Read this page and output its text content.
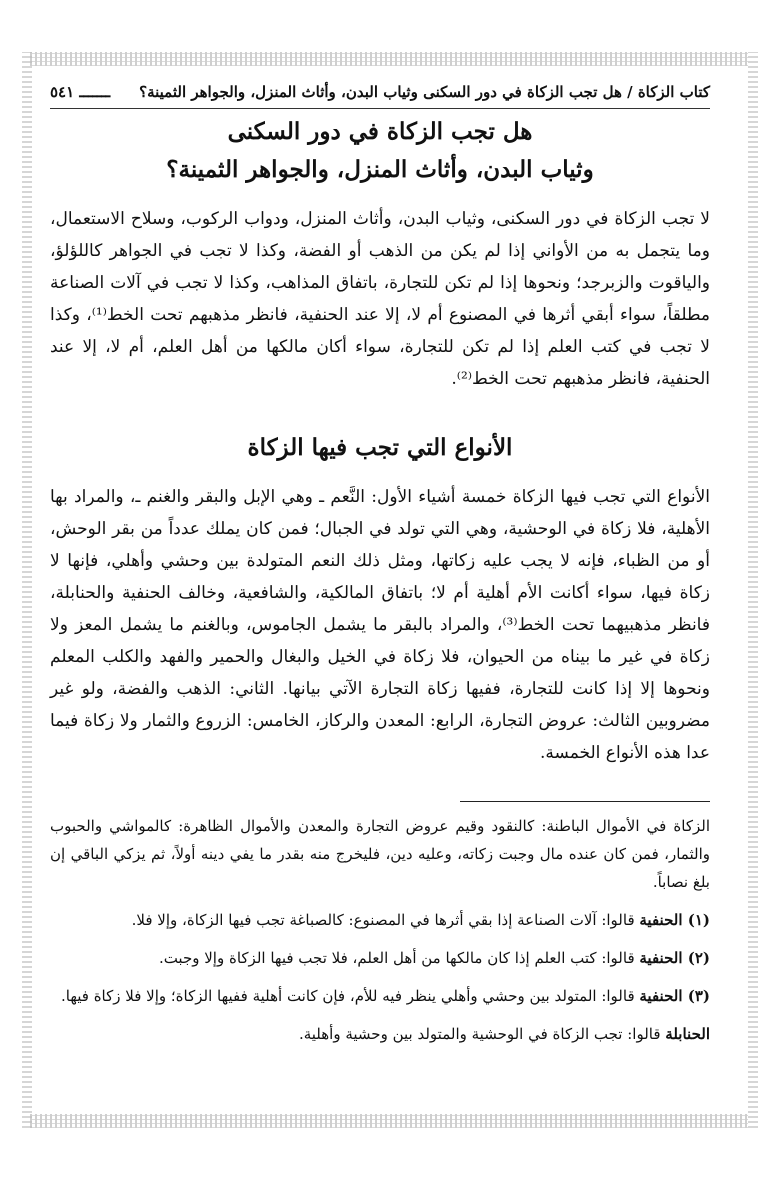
كتاب الزكاة / هل تجب الزكاة في دور السكنى وثياب البدن، وأثاث المنزل، والجواهر الثمينة؟
ـــــــ ٥٤١
هل تجب الزكاة في دور السكنى
وثياب البدن، وأثاث المنزل، والجواهر الثمينة؟

لا تجب الزكاة في دور السكنى، وثياب البدن، وأثاث المنزل، ودواب الركوب، وسلاح الاستعمال، وما يتجمل به من الأواني إذا لم يكن من الذهب أو الفضة، وكذا لا تجب في الجواهر كاللؤلؤ، والياقوت والزبرجد؛ ونحوها إذا لم تكن للتجارة، باتفاق المذاهب، وكذا لا تجب في آلات الصناعة مطلقاً، سواء أبقي أثرها في المصنوع أم لا، إلا عند الحنفية، فانظر مذهبهم تحت الخط⁽¹⁾، وكذا لا تجب في كتب العلم إذا لم تكن للتجارة، سواء أكان مالكها من أهل العلم، أم لا، إلا عند الحنفية، فانظر مذهبهم تحت الخط⁽²⁾.

الأنواع التي تجب فيها الزكاة

الأنواع التي تجب فيها الزكاة خمسة أشياء الأول: النَّعم ـ وهي الإبل والبقر والغنم ـ، والمراد بها الأهلية، فلا زكاة في الوحشية، وهي التي تولد في الجبال؛ فمن كان يملك عدداً من بقر الوحش، أو من الظباء، فإنه لا يجب عليه زكاتها، ومثل ذلك النعم المتولدة بين وحشي وأهلي، فإنها لا زكاة فيها، سواء أكانت الأم أهلية أم لا؛ باتفاق المالكية، والشافعية، وخالف الحنفية والحنابلة، فانظر مذهبيهما تحت الخط⁽³⁾، والمراد بالبقر ما يشمل الجاموس، وبالغنم ما يشمل المعز ولا زكاة في غير ما بيناه من الحيوان، فلا زكاة في الخيل والبغال والحمير والفهد والكلب المعلم ونحوها إلا إذا كانت للتجارة، ففيها زكاة التجارة الآتي بيانها. الثاني: الذهب والفضة، ولو غير مضروبين الثالث: عروض التجارة، الرابع: المعدن والركاز، الخامس: الزروع والثمار ولا زكاة فيما عدا هذه الأنواع الخمسة.

الزكاة في الأموال الباطنة: كالنقود وقيم عروض التجارة والمعدن والأموال الظاهرة: كالمواشي والحبوب والثمار، فمن كان عنده مال وجبت زكاته، وعليه دين، فليخرج منه بقدر ما يفي دينه أولاً، ثم يزكي الباقي إن بلغ نصاباً.

(١) الحنفية قالوا: آلات الصناعة إذا بقي أثرها في المصنوع: كالصباغة تجب فيها الزكاة، وإلا فلا.

(٢) الحنفية قالوا: كتب العلم إذا كان مالكها من أهل العلم، فلا تجب فيها الزكاة وإلا وجبت.

(٣) الحنفية قالوا: المتولد بين وحشي وأهلي ينظر فيه للأم، فإن كانت أهلية ففيها الزكاة؛ وإلا فلا زكاة فيها.

الحنابلة قالوا: تجب الزكاة في الوحشية والمتولد بين وحشية وأهلية.
